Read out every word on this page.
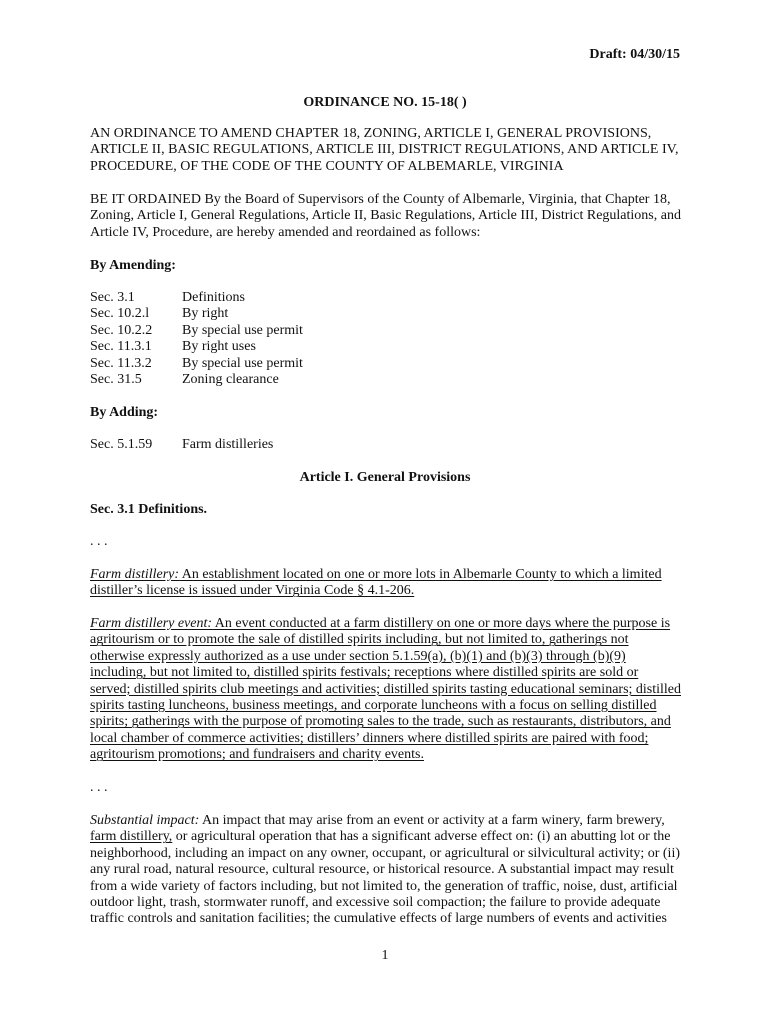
Draft: 04/30/15
ORDINANCE NO. 15-18( )
AN ORDINANCE TO AMEND CHAPTER 18, ZONING, ARTICLE I, GENERAL PROVISIONS, ARTICLE II, BASIC REGULATIONS, ARTICLE III, DISTRICT REGULATIONS, AND ARTICLE IV, PROCEDURE, OF THE CODE OF THE COUNTY OF ALBEMARLE, VIRGINIA
BE IT ORDAINED By the Board of Supervisors of the County of Albemarle, Virginia, that Chapter 18, Zoning, Article I, General Regulations, Article II, Basic Regulations, Article III, District Regulations, and Article IV, Procedure, are hereby amended and reordained as follows:
By Amending:
Sec. 3.1	Definitions
Sec. 10.2.l	By right
Sec. 10.2.2	By special use permit
Sec. 11.3.1	By right uses
Sec. 11.3.2	By special use permit
Sec. 31.5	Zoning clearance
By Adding:
Sec. 5.1.59	Farm distilleries
Article I. General Provisions
Sec. 3.1 Definitions.
. . .
Farm distillery: An establishment located on one or more lots in Albemarle County to which a limited distiller’s license is issued under Virginia Code § 4.1-206.
Farm distillery event: An event conducted at a farm distillery on one or more days where the purpose is agritourism or to promote the sale of distilled spirits including, but not limited to, gatherings not otherwise expressly authorized as a use under section 5.1.59(a), (b)(1) and (b)(3) through (b)(9) including, but not limited to, distilled spirits festivals; receptions where distilled spirits are sold or served; distilled spirits club meetings and activities; distilled spirits tasting educational seminars; distilled spirits tasting luncheons, business meetings, and corporate luncheons with a focus on selling distilled spirits; gatherings with the purpose of promoting sales to the trade, such as restaurants, distributors, and local chamber of commerce activities; distillers’ dinners where distilled spirits are paired with food; agritourism promotions; and fundraisers and charity events.
. . .
Substantial impact: An impact that may arise from an event or activity at a farm winery, farm brewery, farm distillery, or agricultural operation that has a significant adverse effect on: (i) an abutting lot or the neighborhood, including an impact on any owner, occupant, or agricultural or silvicultural activity; or (ii) any rural road, natural resource, cultural resource, or historical resource. A substantial impact may result from a wide variety of factors including, but not limited to, the generation of traffic, noise, dust, artificial outdoor light, trash, stormwater runoff, and excessive soil compaction; the failure to provide adequate traffic controls and sanitation facilities; the cumulative effects of large numbers of events and activities
1
